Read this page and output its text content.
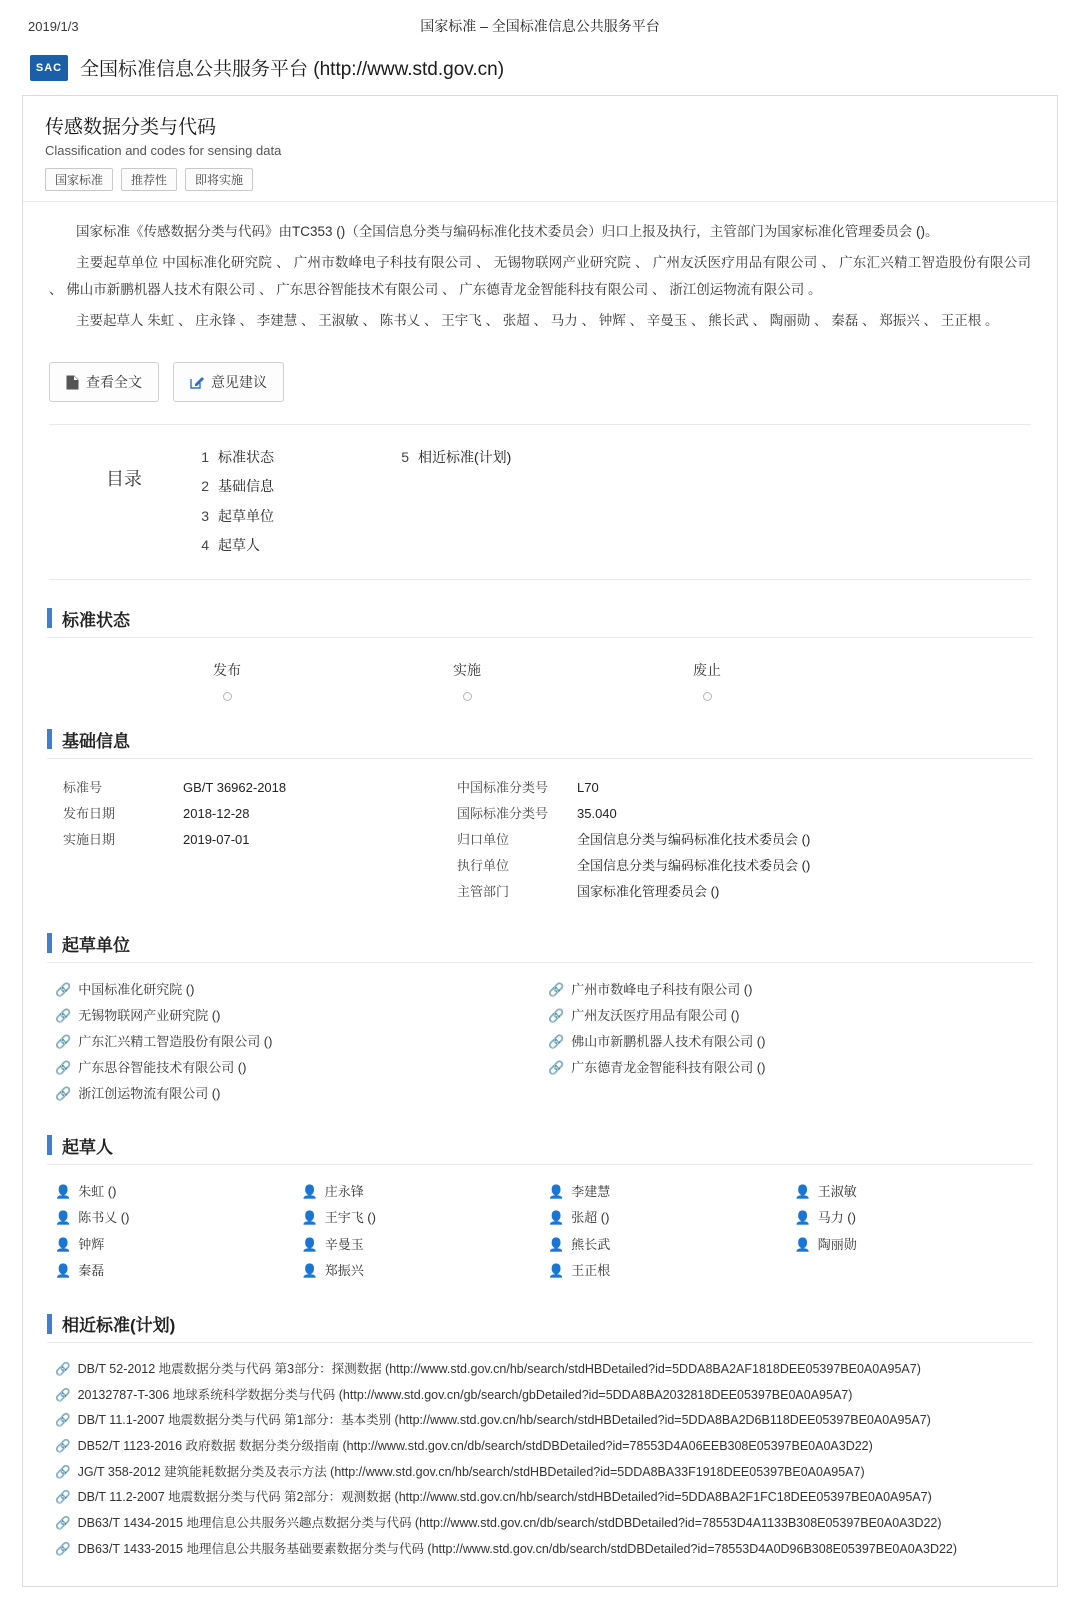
2019/1/3	国家标准 – 全国标准信息公共服务平台
SAC 全国标准信息公共服务平台 (http://www.std.gov.cn)
传感数据分类与代码
Classification and codes for sensing data
国家标准	推荐性	即将实施

国家标准《传感数据分类与代码》由TC353 ()（全国信息分类与编码标准化技术委员会）归口上报及执行，主管部门为国家标准化管理委员会 ()。

主要起草单位 中国标准化研究院 、 广州市数峰电子科技有限公司 、 无锡物联网产业研究院 、 广州友沃医疗用品有限公司 、 广东汇兴精工智造股份有限公司 、 佛山市新鹏机器人技术有限公司 、 广东思谷智能技术有限公司 、 广东德青龙金智能科技有限公司 、 浙江创运物流有限公司 。

主要起草人 朱虹 、 庄永锋 、 李建慧 、 王淑敏 、 陈书乂 、 王宇飞 、 张超 、 马力 、 钟辉 、 辛曼玉 、 熊长武 、 陶丽勋 、 秦磊 、 郑振兴 、 王正根 。

查看全文	意见建议
目录
1 标准状态
2 基础信息
3 起草单位
4 起草人
5 相近标准(计划)
标准状态
发布	实施	废止
基础信息
标准号	GB/T 36962-2018
发布日期	2018-12-28
实施日期	2019-07-01
中国标准分类号	L70
国际标准分类号	35.040
归口单位	全国信息分类与编码标准化技术委员会 ()
执行单位	全国信息分类与编码标准化技术委员会 ()
主管部门	国家标准化管理委员会 ()
起草单位
🔗 中国标准化研究院 ()	🔗 广州市数峰电子科技有限公司 ()
🔗 无锡物联网产业研究院 ()	🔗 广州友沃医疗用品有限公司 ()
🔗 广东汇兴精工智造股份有限公司 ()	🔗 佛山市新鹏机器人技术有限公司 ()
🔗 广东思谷智能技术有限公司 ()	🔗 广东德青龙金智能科技有限公司 ()
🔗 浙江创运物流有限公司 ()
起草人
👤 朱虹 ()	👤 庄永锋	👤 李建慧	👤 王淑敏
👤 陈书乂 ()	👤 王宇飞 ()	👤 张超 ()	👤 马力 ()
👤 钟辉	👤 辛曼玉	👤 熊长武	👤 陶丽勋
👤 秦磊	👤 郑振兴	👤 王正根
相近标准(计划)
🔗 DB/T 52-2012 地震数据分类与代码 第3部分：探测数据 (http://www.std.gov.cn/hb/search/stdHBDetailed?id=5DDA8BA2AF1818DEE05397BE0A0A95A7)
🔗 20132787-T-306 地球系统科学数据分类与代码 (http://www.std.gov.cn/gb/search/gbDetailed?id=5DDA8BA2032818DEE05397BE0A0A95A7)
🔗 DB/T 11.1-2007 地震数据分类与代码 第1部分：基本类别 (http://www.std.gov.cn/hb/search/stdHBDetailed?id=5DDA8BA2D6B118DEE05397BE0A0A95A7)
🔗 DB52/T 1123-2016 政府数据 数据分类分级指南 (http://www.std.gov.cn/db/search/stdDBDetailed?id=78553D4A06EEB308E05397BE0A0A3D22)
🔗 JG/T 358-2012 建筑能耗数据分类及表示方法 (http://www.std.gov.cn/hb/search/stdHBDetailed?id=5DDA8BA33F1918DEE05397BE0A0A95A7)
🔗 DB/T 11.2-2007 地震数据分类与代码 第2部分：观测数据 (http://www.std.gov.cn/hb/search/stdHBDetailed?id=5DDA8BA2F1FC18DEE05397BE0A0A95A7)
🔗 DB63/T 1434-2015 地理信息公共服务兴趣点数据分类与代码 (http://www.std.gov.cn/db/search/stdDBDetailed?id=78553D4A1133B308E05397BE0A0A3D22)
🔗 DB63/T 1433-2015 地理信息公共服务基础要素数据分类与代码 (http://www.std.gov.cn/db/search/stdDBDetailed?id=78553D4A0D96B308E05397BE0A0A3D22)
